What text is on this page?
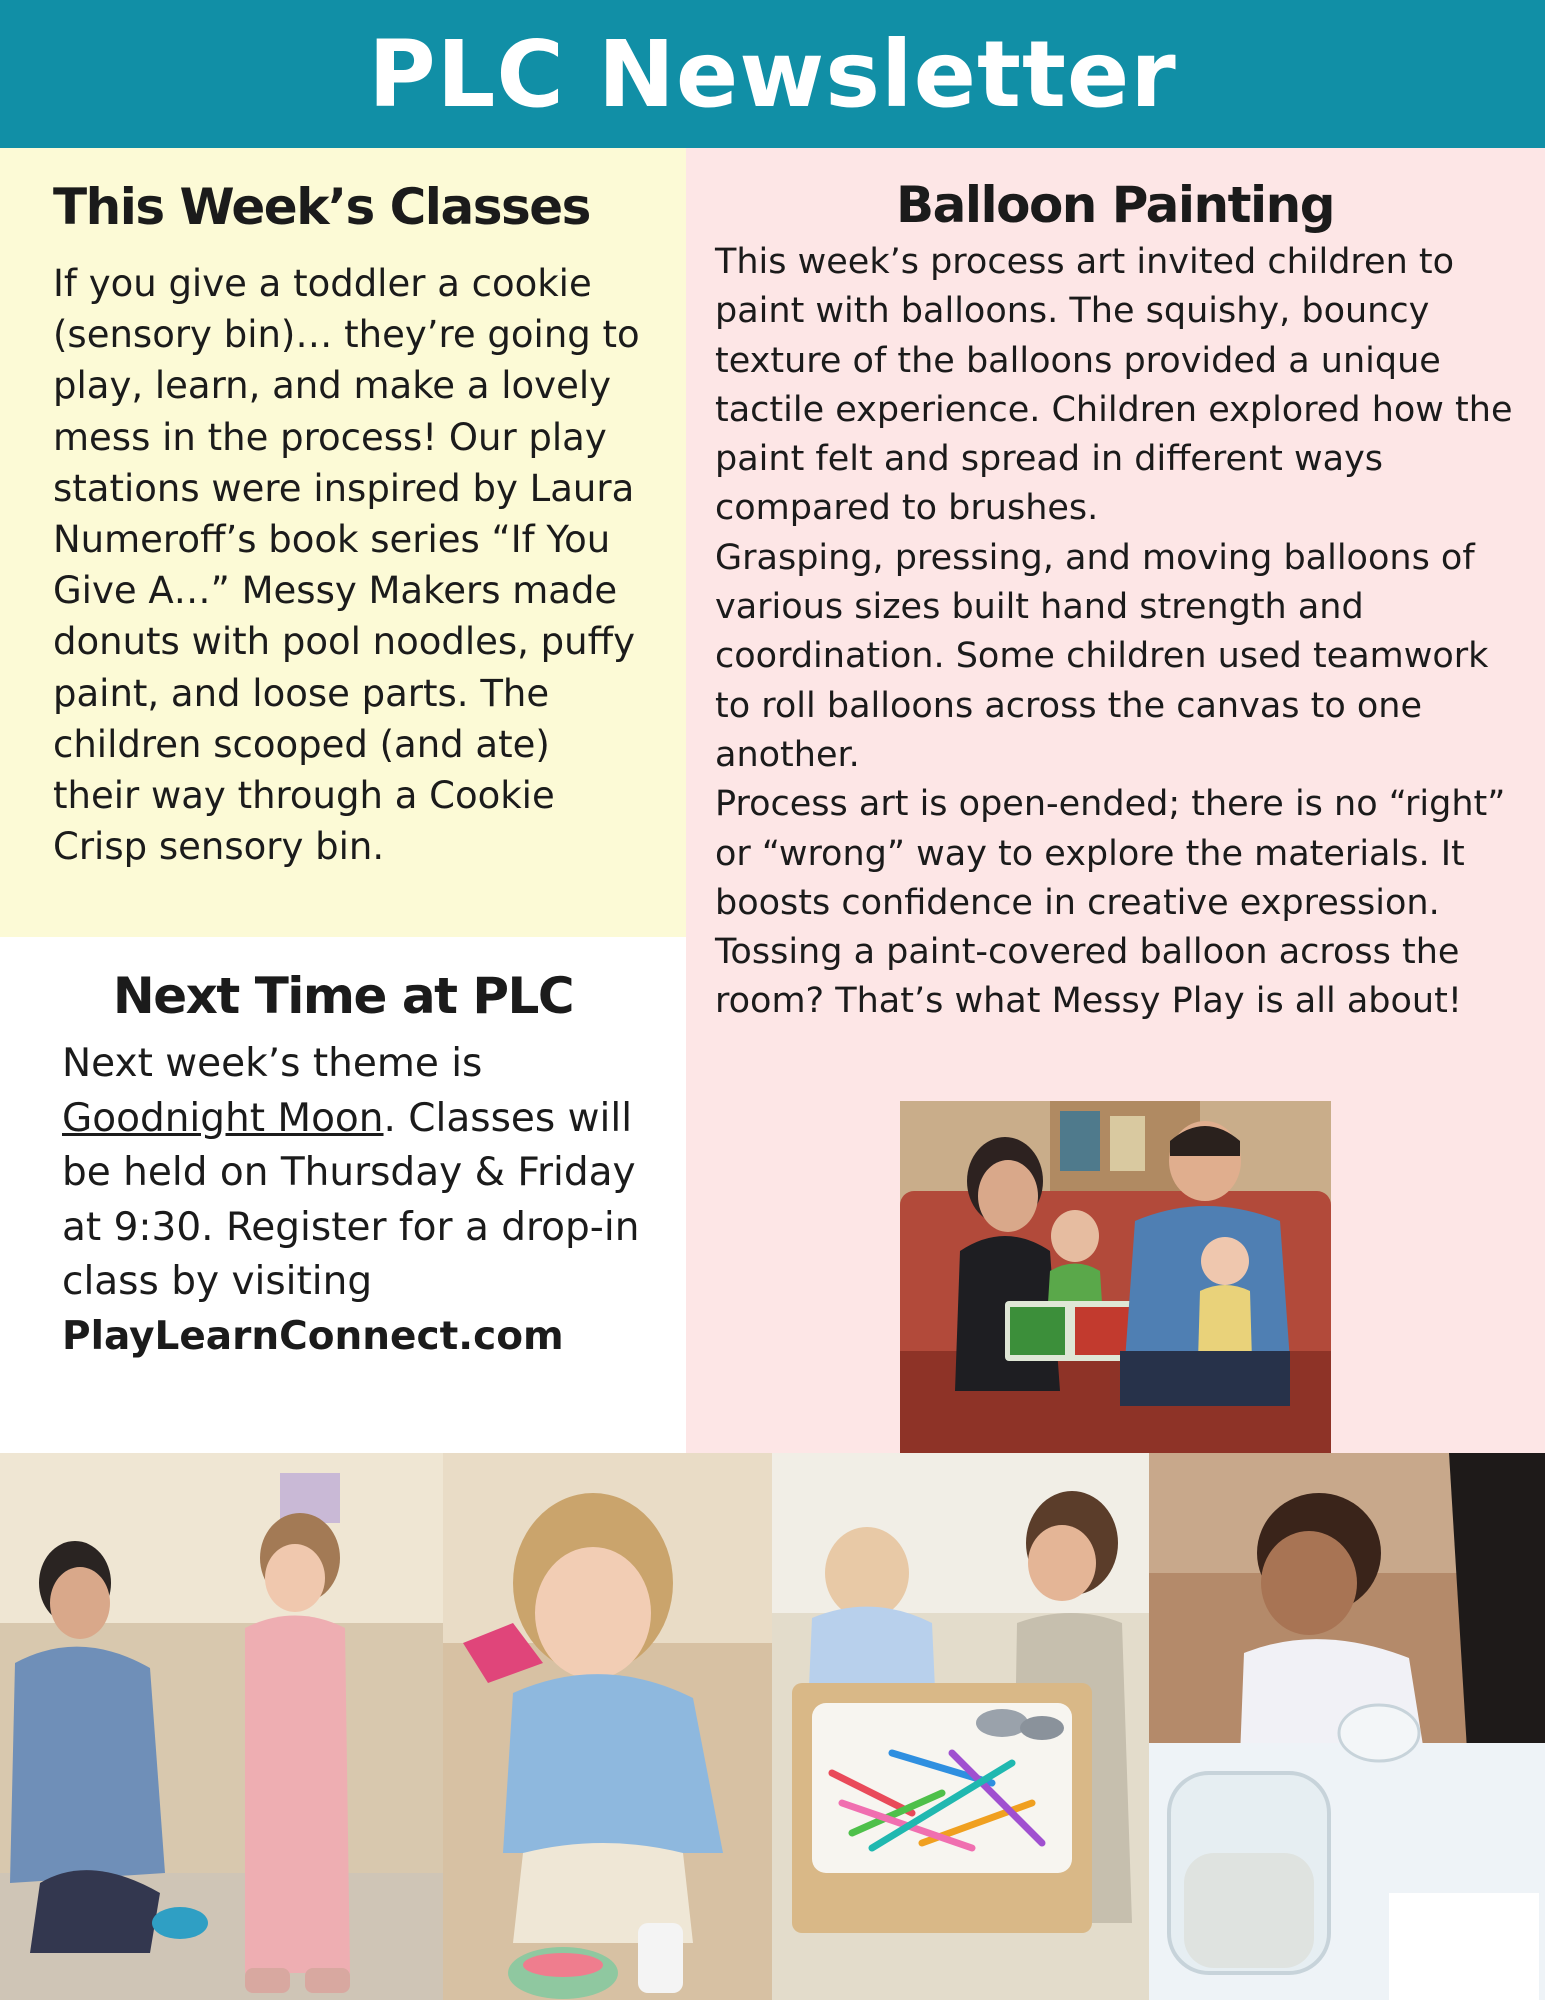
PLC Newsletter
This Week’s Classes

If you give a toddler a cookie (sensory bin)… they’re going to play, learn, and make a lovely mess in the process! Our play stations were inspired by Laura Numeroff’s book series “If You Give A…” Messy Makers made donuts with pool noodles, puffy paint, and loose parts. The children scooped (and ate) their way through a Cookie Crisp sensory bin.

Next Time at PLC

Next week’s theme is Goodnight Moon. Classes will be held on Thursday & Friday at 9:30. Register for a drop-in class by visiting PlayLearnConnect.com

Balloon Painting

This week’s process art invited children to paint with balloons. The squishy, bouncy texture of the balloons provided a unique tactile experience. Children explored how the paint felt and spread in different ways compared to brushes.

Grasping, pressing, and moving balloons of various sizes built hand strength and coordination. Some children used teamwork to roll balloons across the canvas to one another.

Process art is open-ended; there is no “right” or “wrong” way to explore the materials. It boosts confidence in creative expression. Tossing a paint-covered balloon across the room? That’s what Messy Play is all about!
